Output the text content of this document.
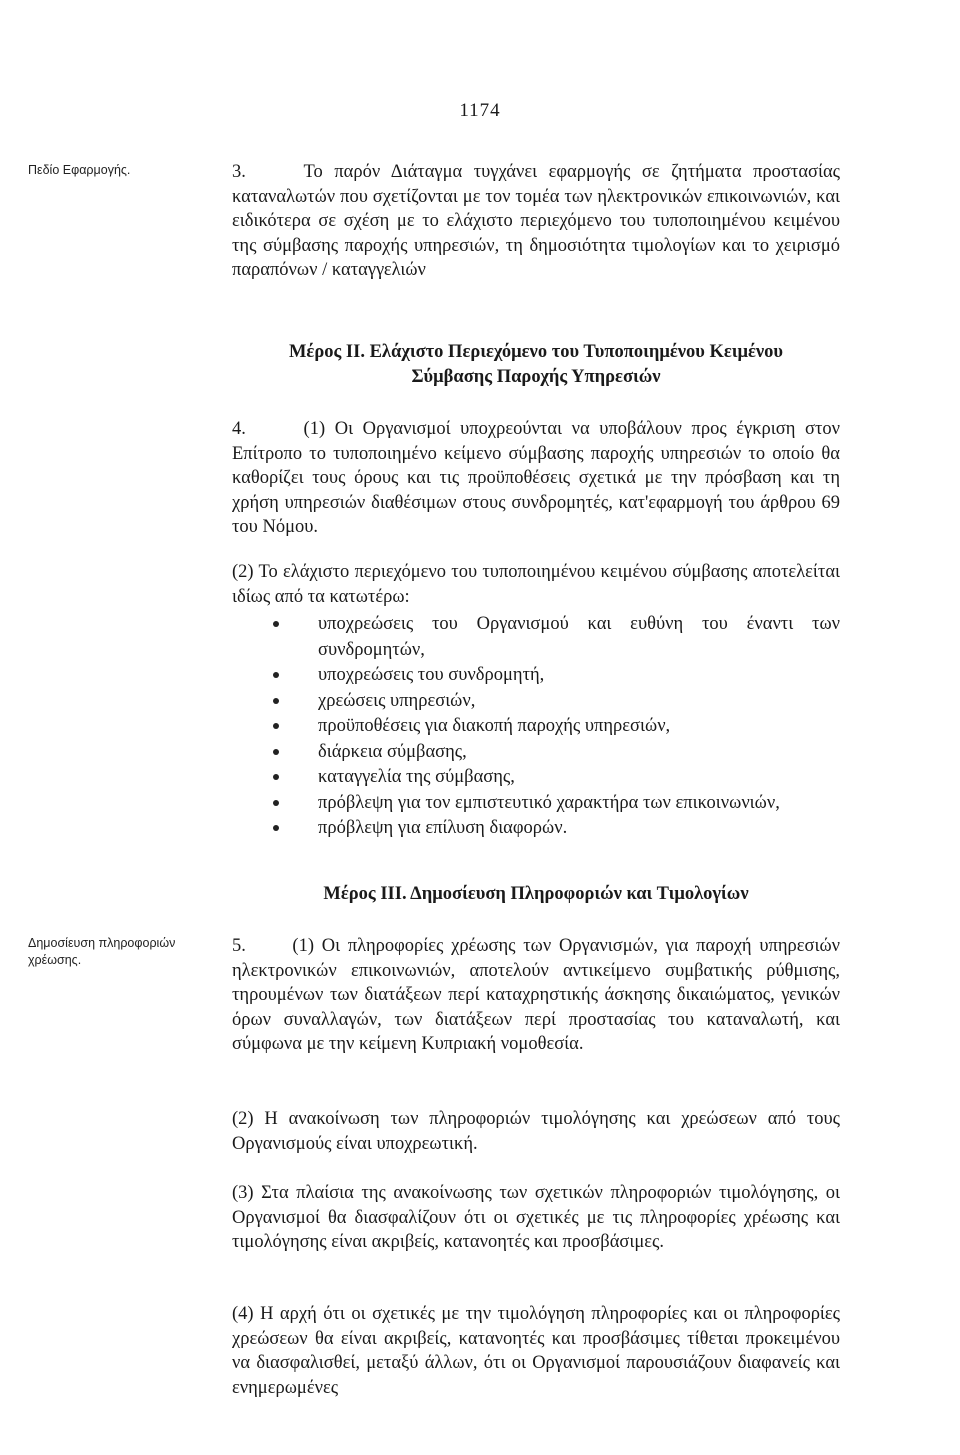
1174
Πεδίο Εφαρμογής.	3.	Το παρόν Διάταγμα τυγχάνει εφαρμογής σε ζητήματα προστασίας καταναλωτών που σχετίζονται με τον τομέα των ηλεκτρονικών επικοινωνιών, και ειδικότερα σε σχέση με το ελάχιστο περιεχόμενο του τυποποιημένου κειμένου της σύμβασης παροχής υπηρεσιών, τη δημοσιότητα τιμολογίων και το χειρισμό παραπόνων / καταγγελιών
Μέρος ΙΙ. Ελάχιστο Περιεχόμενο του Τυποποιημένου Κειμένου
Σύμβασης Παροχής Υπηρεσιών
4.	(1) Οι Οργανισμοί υποχρεούνται να υποβάλουν προς έγκριση στον Επίτροπο το τυποποιημένο κείμενο σύμβασης παροχής υπηρεσιών το οποίο θα καθορίζει τους όρους και τις προϋποθέσεις σχετικά με την πρόσβαση και τη χρήση υπηρεσιών διαθέσιμων στους συνδρομητές, κατ'εφαρμογή του άρθρου 69 του Νόμου.
(2) Το ελάχιστο περιεχόμενο του τυποποιημένου κειμένου σύμβασης αποτελείται ιδίως από τα κατωτέρω:
υποχρεώσεις του Οργανισμού και ευθύνη του έναντι των συνδρομητών,
υποχρεώσεις του συνδρομητή,
χρεώσεις υπηρεσιών,
προϋποθέσεις για διακοπή παροχής υπηρεσιών,
διάρκεια σύμβασης,
καταγγελία της σύμβασης,
πρόβλεψη για τον εμπιστευτικό χαρακτήρα των επικοινωνιών,
πρόβλεψη για επίλυση διαφορών.
Μέρος ΙΙΙ. Δημοσίευση Πληροφοριών και Τιμολογίων
Δημοσίευση πληροφοριών χρέωσης.
5.	(1) Οι πληροφορίες χρέωσης των Οργανισμών, για παροχή υπηρεσιών ηλεκτρονικών επικοινωνιών, αποτελούν αντικείμενο συμβατικής ρύθμισης, τηρουμένων των διατάξεων περί καταχρηστικής άσκησης δικαιώματος, γενικών όρων συναλλαγών, των διατάξεων περί προστασίας του καταναλωτή, και σύμφωνα με την κείμενη Κυπριακή νομοθεσία.
(2) Η ανακοίνωση των πληροφοριών τιμολόγησης και χρεώσεων από τους Οργανισμούς είναι υποχρεωτική.
(3) Στα πλαίσια της ανακοίνωσης των σχετικών πληροφοριών τιμολόγησης, οι Οργανισμοί θα διασφαλίζουν ότι οι σχετικές με τις πληροφορίες χρέωσης και τιμολόγησης είναι ακριβείς, κατανοητές και προσβάσιμες.
(4) Η αρχή ότι οι σχετικές με την τιμολόγηση πληροφορίες και οι πληροφορίες χρεώσεων θα είναι ακριβείς, κατανοητές και προσβάσιμες τίθεται προκειμένου να διασφαλισθεί, μεταξύ άλλων, ότι οι Οργανισμοί παρουσιάζουν διαφανείς και ενημερωμένες
